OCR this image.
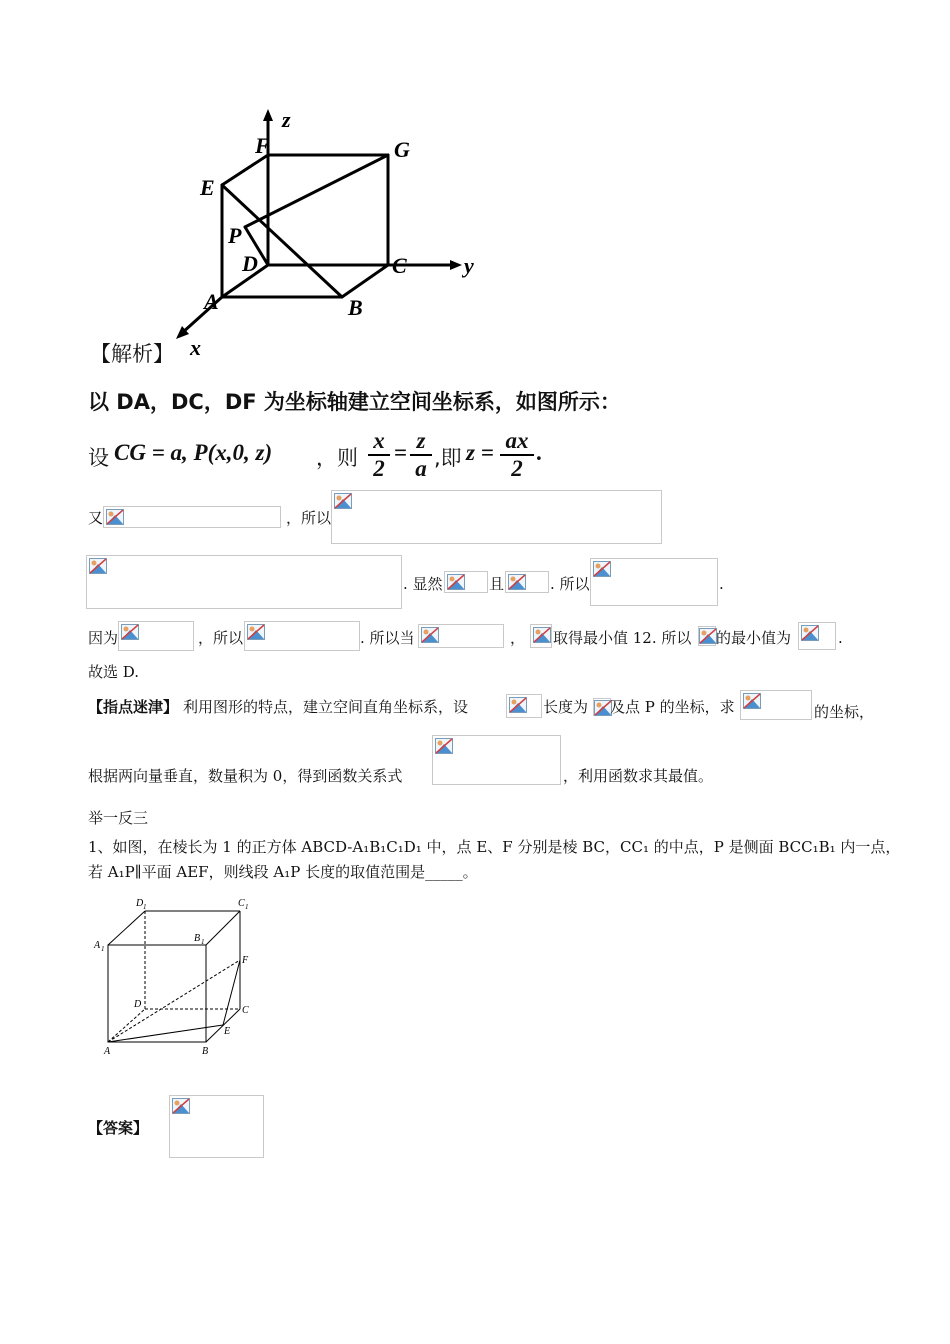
z
y
x
F	G
E
P
D	C
A	B
【解析】
以 DA，DC，DF 为坐标轴建立空间坐标系，如图所示：
设 CG = a, P(x,0, z) ，则
x
2
= z
a ,即 z = ax
2
.
又	，所以
. 显然	且	. 所以	.
因为	，所以	. 所以当	， 取得最小值 12. 所以 的最小值为	.
故选 D.
【指点迷津】 利用图形的特点，建立空间直角坐标系，设	长度为 及点 P 的坐标，求	的坐标，
根据两向量垂直，数量积为 0，得到函数关系式	，利用函数求其最值。
举一反三
1、如图，在棱长为 1 的正方体 ABCD-A₁B₁C₁D₁ 中，点 E、F 分别是棱 BC，CC₁ 的中点，P 是侧面 BCC₁B₁ 内一点，
若 A₁P∥平面 AEF，则线段 A₁P 长度的取值范围是_____。
D 1	C 1
A 1
B 1
F
D
C
E
A	B
【答案】
